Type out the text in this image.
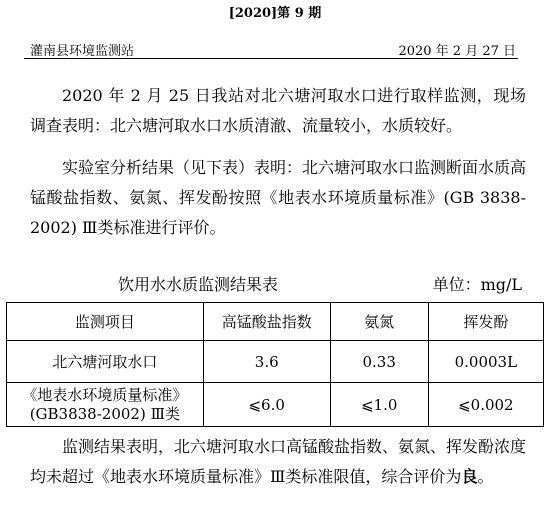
[2020]第 9 期
灌南县环境监测站	2020 年 2 月 27 日

2020 年 2 月 25 日我站对北六塘河取水口进行取样监测，现场调查表明：北六塘河取水口水质清澈、流量较小，水质较好。

实验室分析结果（见下表）表明：北六塘河取水口监测断面水质高锰酸盐指数、氨氮、挥发酚按照《地表水环境质量标准》(GB 3838-2002) Ⅲ类标准进行评价。

饮用水水质监测结果表	单位：mg/L
监测项目	高锰酸盐指数	氨氮	挥发酚
北六塘河取水口	3.6	0.33	0.0003L

《地表水环境质量标准》
(GB3838-2002) Ⅲ类	⩽6.0	⩽1.0	⩽0.002

监测结果表明，北六塘河取水口高锰酸盐指数、氨氮、挥发酚浓度均未超过《地表水环境质量标准》Ⅲ类标准限值，综合评价为良。
